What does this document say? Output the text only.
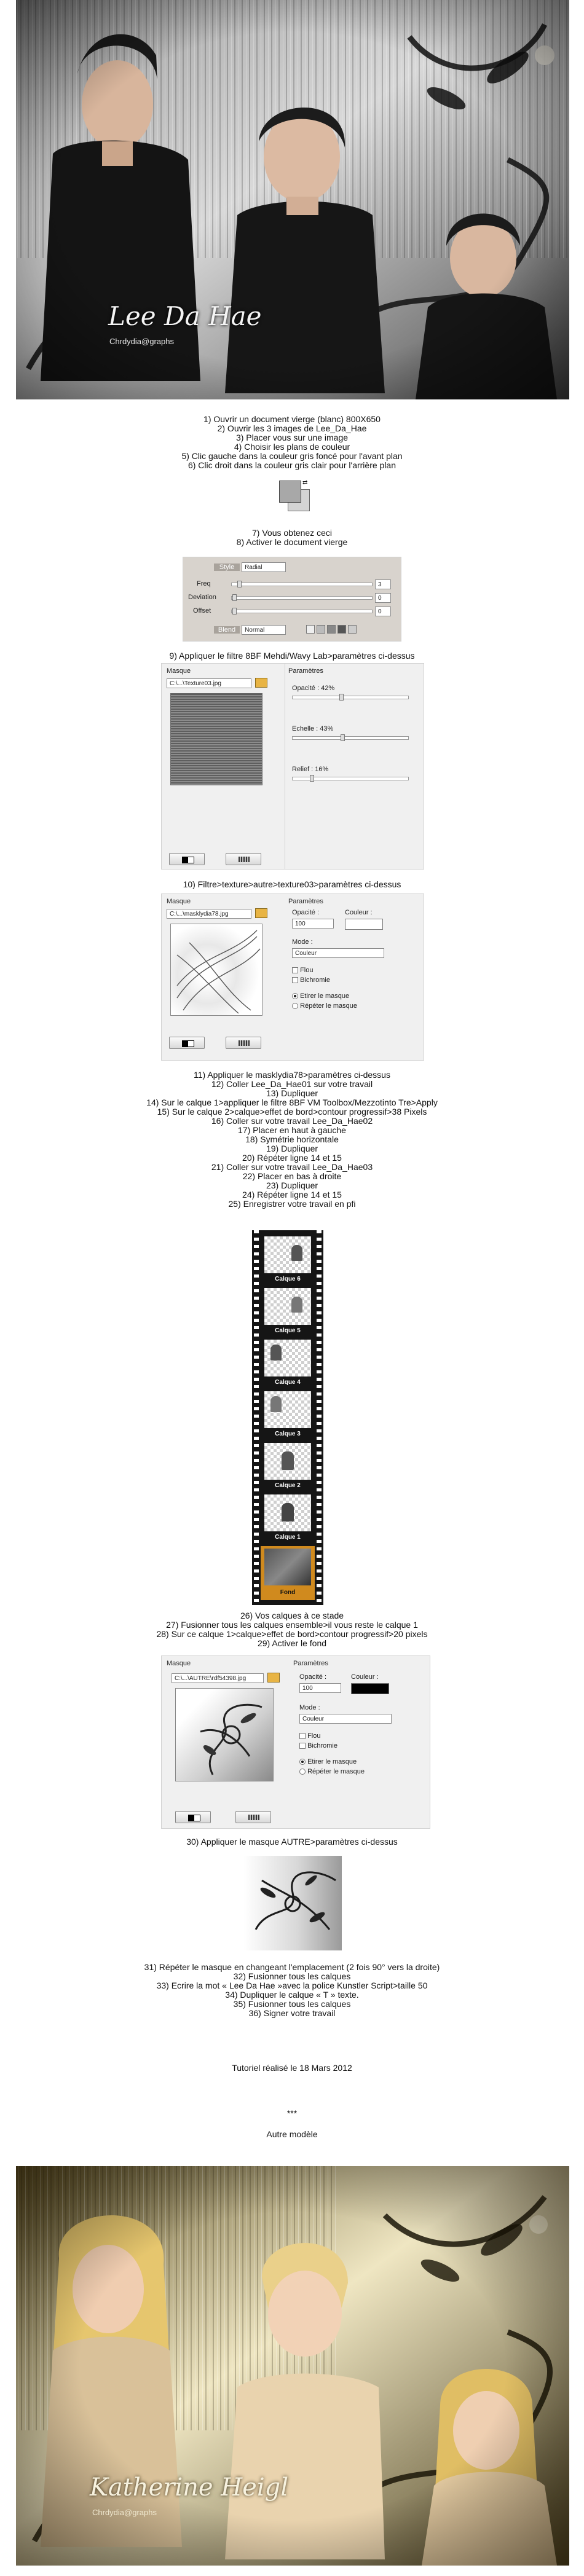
Lee Da Hae
Chrdydia@graphs
1) Ouvrir un document vierge (blanc) 800X650
2) Ouvrir les 3 images de Lee_Da_Hae
3) Placer vous sur une image
4) Choisir les plans de couleur
5) Clic gauche dans la couleur gris foncé pour l'avant plan
6) Clic droit dans la couleur gris clair pour l'arrière plan
⇄
7) Vous obtenez ceci
8) Activer le document vierge
Style Radial
Freq	3
Deviation	0
Offset	0
Blend Normal

9) Appliquer le filtre 8BF Mehdi/Wavy Lab>paramètres ci-dessus
Masque
C:\...\Texture03.jpg
Paramètres
Opacité : 42%
Echelle : 43%
Relief : 16%
10) Filtre>texture>autre>texture03>paramètres ci-dessus
Masque
C:\...\masklydia78.jpg
Paramètres
Opacité :
100
Couleur :
Mode :
Couleur
Flou
Bichromie
Etirer le masque
Répéter le masque
11) Appliquer le masklydia78>paramètres ci-dessus
12) Coller Lee_Da_Hae01 sur votre travail
13) Dupliquer
14) Sur le calque 1>appliquer le filtre 8BF VM Toolbox/Mezzotinto Tre>Apply
15) Sur le calque 2>calque>effet de bord>contour progressif>38 Pixels
16) Coller sur votre travail Lee_Da_Hae02
17) Placer en haut à gauche
18) Symétrie horizontale
19) Dupliquer
20) Répéter ligne 14 et 15
21) Coller sur votre travail Lee_Da_Hae03
22) Placer en bas à droite
23) Dupliquer
24) Répéter ligne 14 et 15
25) Enregistrer votre travail en pfi
Calque 6
Calque 5
Calque 4
Calque 3
Calque 2
Calque 1
Fond
26) Vos calques à ce stade
27) Fusionner tous les calques ensemble>il vous reste le calque 1
28) Sur ce calque 1>calque>effet de bord>contour progressif>20 pixels
29) Activer le fond
Masque
C:\...\AUTRE\rdf54398.jpg
Paramètres
Opacité :
100
Couleur :
Mode :
Couleur
Flou
Bichromie
Etirer le masque
Répéter le masque
30) Appliquer le masque AUTRE>paramètres ci-dessus
31) Répéter le masque en changeant l'emplacement (2 fois 90° vers la droite)
32) Fusionner tous les calques
33) Ecrire la mot « Lee Da Hae »avec la police Kunstler Script>taille 50
34) Dupliquer le calque « T » texte.
35) Fusionner tous les calques
36) Signer votre travail
Tutoriel réalisé le 18 Mars 2012
***
Autre modèle
Katherine Heigl
Chrdydia@graphs
